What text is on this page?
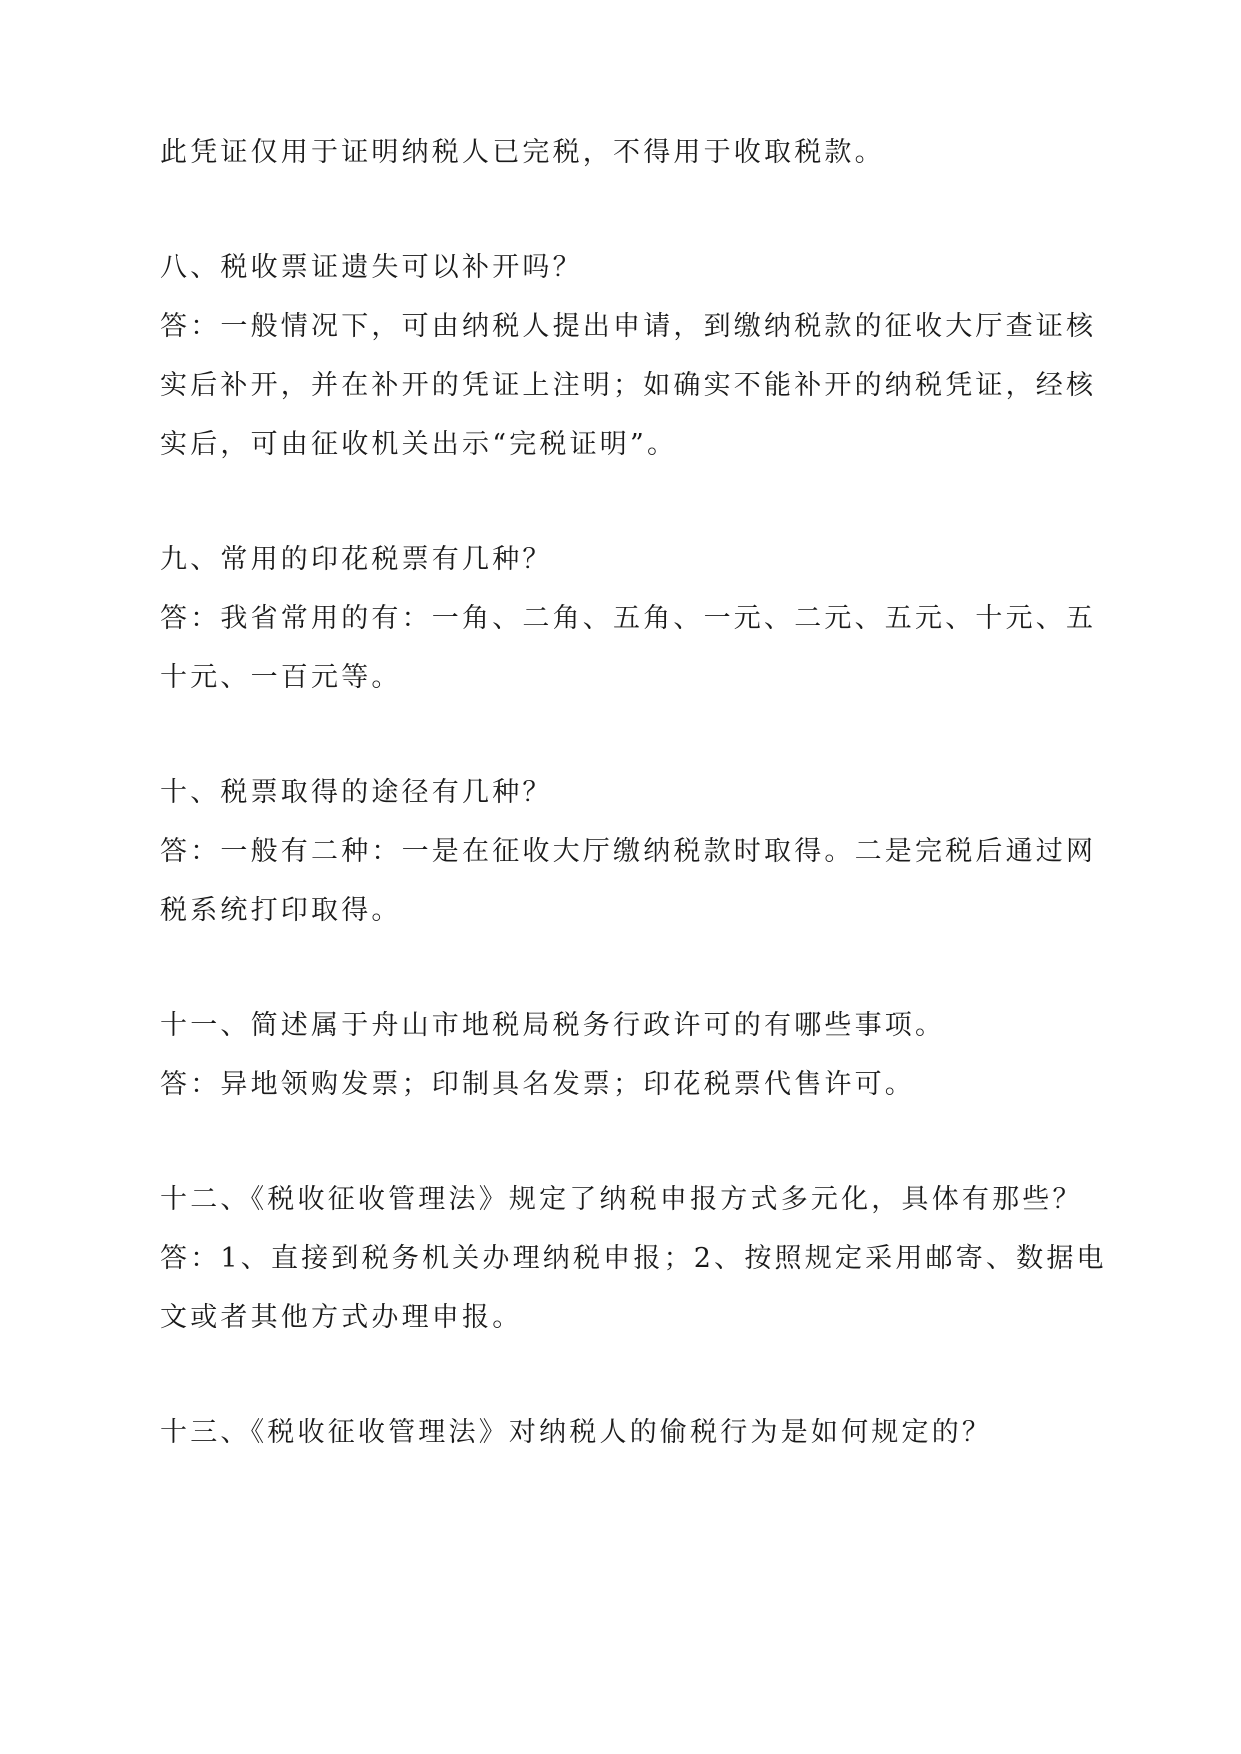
此凭证仅用于证明纳税人已完税，不得用于收取税款。
八、税收票证遗失可以补开吗？
答：一般情况下，可由纳税人提出申请，到缴纳税款的征收大厅查证核
实后补开，并在补开的凭证上注明；如确实不能补开的纳税凭证，经核
实后，可由征收机关出示“完税证明”。
九、常用的印花税票有几种？
答：我省常用的有：一角、二角、五角、一元、二元、五元、十元、五
十元、一百元等。
十、税票取得的途径有几种？
答：一般有二种：一是在征收大厅缴纳税款时取得。二是完税后通过网
税系统打印取得。
十一、简述属于舟山市地税局税务行政许可的有哪些事项。
答：异地领购发票；印制具名发票；印花税票代售许可。
十二、《税收征收管理法》规定了纳税申报方式多元化，具体有那些？
答：1、直接到税务机关办理纳税申报；2、按照规定采用邮寄、数据电
文或者其他方式办理申报。
十三、《税收征收管理法》对纳税人的偷税行为是如何规定的？
